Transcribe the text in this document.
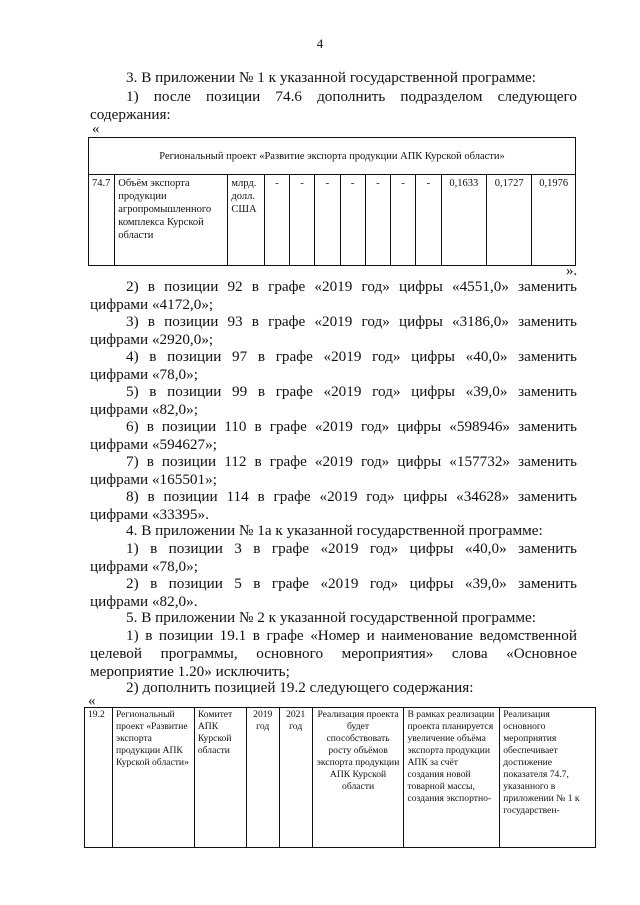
4
3. В приложении № 1 к указанной государственной программе:
1) после позиции 74.6 дополнить подразделом следующего
содержания:
«
Региональный проект «Развитие экспорта продукции АПК Курской области»
74.7	Объём экспорта продукции агропромышленного комплекса Курской области	млрд. долл. США	-	-	-	-	-	-	-	0,1633	0,1727	0,1976
».
2) в позиции 92 в графе «2019 год» цифры «4551,0» заменить
цифрами «4172,0»;
3) в позиции 93 в графе «2019 год» цифры «3186,0» заменить
цифрами «2920,0»;
4) в позиции 97 в графе «2019 год» цифры «40,0» заменить
цифрами «78,0»;
5) в позиции 99 в графе «2019 год» цифры «39,0» заменить
цифрами «82,0»;
6) в позиции 110 в графе «2019 год» цифры «598946» заменить
цифрами «594627»;
7) в позиции 112 в графе «2019 год» цифры «157732» заменить
цифрами «165501»;
8) в позиции 114 в графе «2019 год» цифры «34628» заменить
цифрами «33395».
4. В приложении № 1а к указанной государственной программе:
1) в позиции 3 в графе «2019 год» цифры «40,0» заменить
цифрами «78,0»;
2) в позиции 5 в графе «2019 год» цифры «39,0» заменить
цифрами «82,0».
5. В приложении № 2 к указанной государственной программе:
1) в позиции 19.1 в графе «Номер и наименование ведомственной
целевой программы, основного мероприятия» слова «Основное
мероприятие 1.20» исключить;
2) дополнить позицией 19.2 следующего содержания:
«
19.2	Региональный проект «Развитие экспорта продукции АПК Курской области»	Комитет АПК Курской области	2019 год	2021 год	Реализация проекта будет способствовать росту объёмов экспорта продукции АПК Курской области	В рамках реализации проекта планируется увеличение объёма экспорта продукции АПК за счёт создания новой товарной массы, создания экспортно-	Реализация основного мероприятия обеспечивает достижение показателя 74.7, указанного в приложении № 1 к государствен-
